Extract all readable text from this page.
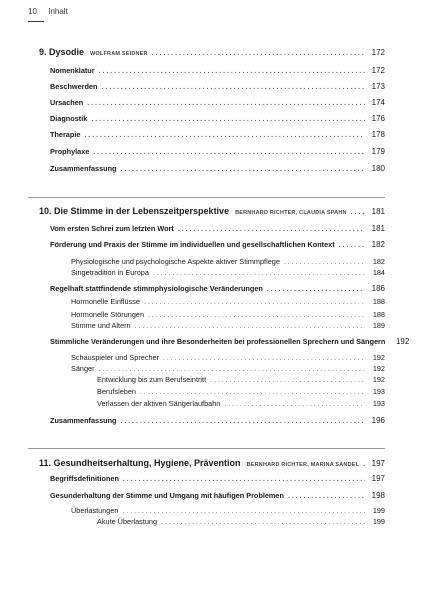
10 Inhalt
9. Dysodie WOLFRAM SEIDNER . . .	172
Nomenklatur . . .	172
Beschwerden . . .	173
Ursachen . . .	174
Diagnostik . . .	176
Therapie . . .	178
Prophylaxe . . .	179
Zusammenfassung . . .	180
10. Die Stimme in der Lebenszeitperspektive BERNHARD RICHTER, CLAUDIA SPAHN . . .	181
Vom ersten Schrei zum letzten Wort . . .	181
Förderung und Praxis der Stimme im individuellen und gesellschaftlichen Kontext . . .	182
Physiologische und psychologische Aspekte aktiver Stimmpflege . . .	182
Singetradition in Europa . . .	184
Regelhaft stattfindende stimmphysiologische Veränderungen . . .	186
Hormonelle Einflüsse . . .	188
Hormonelle Störungen . . .	188
Stimme und Altern . . .	189
Stimmliche Veränderungen und ihre Besonderheiten bei professionellen Sprechern und Sängern	192
Schauspieler und Sprecher . . .	192
Sänger . . .	192
Entwicklung bis zum Berufseintritt . . .	192
Berufsleben . . .	193
Verlassen der aktiven Sängerlaufbahn . . .	193
Zusammenfassung . . .	196
11. Gesundheitserhaltung, Hygiene, Prävention BERNHARD RICHTER, MARINA SANDEL . . .	197
Begriffsdefinitionen . . .	197
Gesunderhaltung der Stimme und Umgang mit häufigen Problemen . . .	198
Überlastungen . . .	199
Akute Überlastung . . .	199
